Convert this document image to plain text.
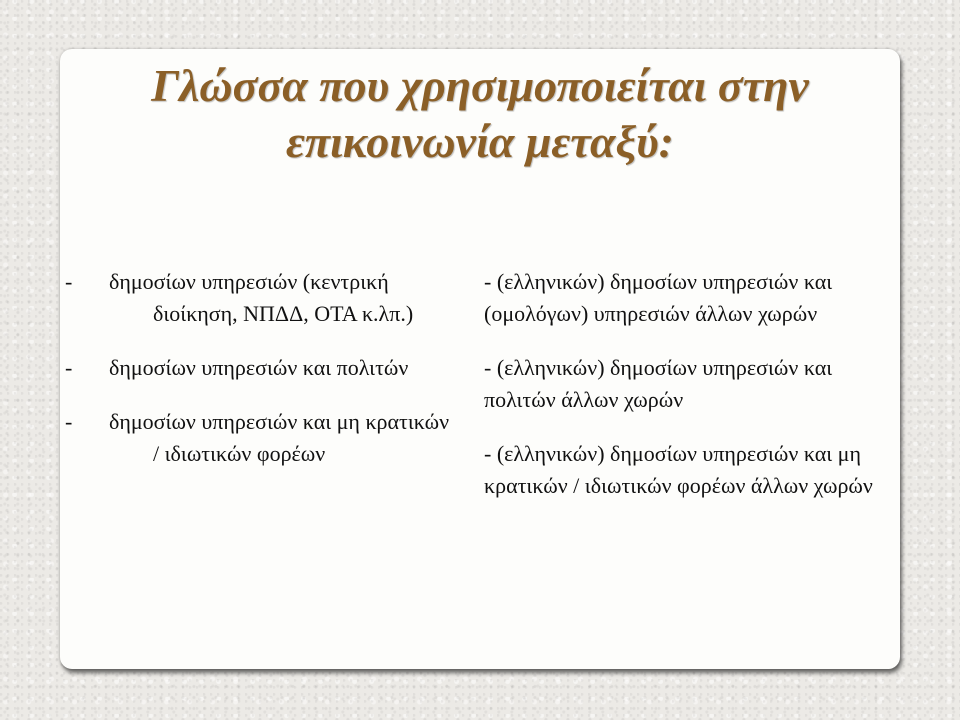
Γλώσσα που χρησιμοποιείται στην
επικοινωνία μεταξύ:
-	δημοσίων υπηρεσιών (κεντρική διοίκηση, ΝΠΔΔ, ΟΤΑ κ.λπ.)
-	δημοσίων υπηρεσιών και πολιτών
-	δημοσίων υπηρεσιών και μη κρατικών / ιδιωτικών φορέων
- (ελληνικών) δημοσίων υπηρεσιών και (ομολόγων) υπηρεσιών άλλων χωρών
- (ελληνικών) δημοσίων υπηρεσιών και πολιτών άλλων χωρών
- (ελληνικών) δημοσίων υπηρεσιών και μη κρατικών / ιδιωτικών φορέων άλλων χωρών
